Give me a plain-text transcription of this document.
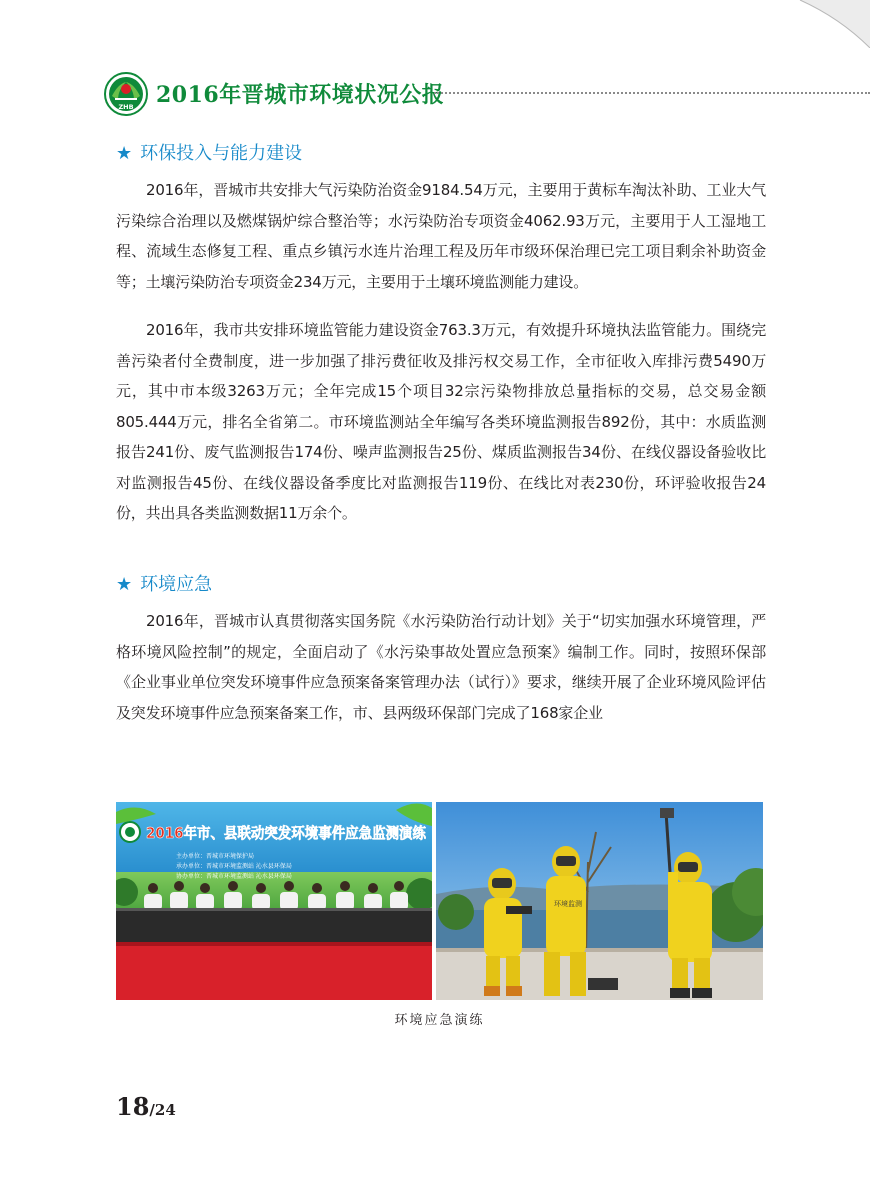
ZHB 2016年晋城市环境状况公报
★ 环保投入与能力建设

2016年，晋城市共安排大气污染防治资金9184.54万元，主要用于黄标车淘汰补助、工业大气污染综合治理以及燃煤锅炉综合整治等；水污染防治专项资金4062.93万元，主要用于人工湿地工程、流域生态修复工程、重点乡镇污水连片治理工程及历年市级环保治理已完工项目剩余补助资金等；土壤污染防治专项资金234万元，主要用于土壤环境监测能力建设。

2016年，我市共安排环境监管能力建设资金763.3万元，有效提升环境执法监管能力。围绕完善污染者付全费制度，进一步加强了排污费征收及排污权交易工作，全市征收入库排污费5490万元，其中市本级3263万元；全年完成15个项目32宗污染物排放总量指标的交易，总交易金额805.444万元，排名全省第二。市环境监测站全年编写各类环境监测报告892份，其中：水质监测报告241份、废气监测报告174份、噪声监测报告25份、煤质监测报告34份、在线仪器设备验收比对监测报告45份、在线仪器设备季度比对监测报告119份、在线比对表230份，环评验收报告24份，共出具各类监测数据11万余个。

★ 环境应急

2016年，晋城市认真贯彻落实国务院《水污染防治行动计划》关于“切实加强水环境管理，严格环境风险控制”的规定，全面启动了《水污染事故处置应急预案》编制工作。同时，按照环保部《企业事业单位突发环境事件应急预案备案管理办法（试行）》要求，继续开展了企业环境风险评估及突发环境事件应急预案备案工作，市、县两级环保部门完成了168家企业

2016年市、县联动突发环境事件应急监测演练
主办单位：晋城市环境保护局
承办单位：晋城市环境监测站 沁水县环保局
协办单位：晋城市环境监测站 沁水县环保局
环境监测
环境应急演练
18/24
